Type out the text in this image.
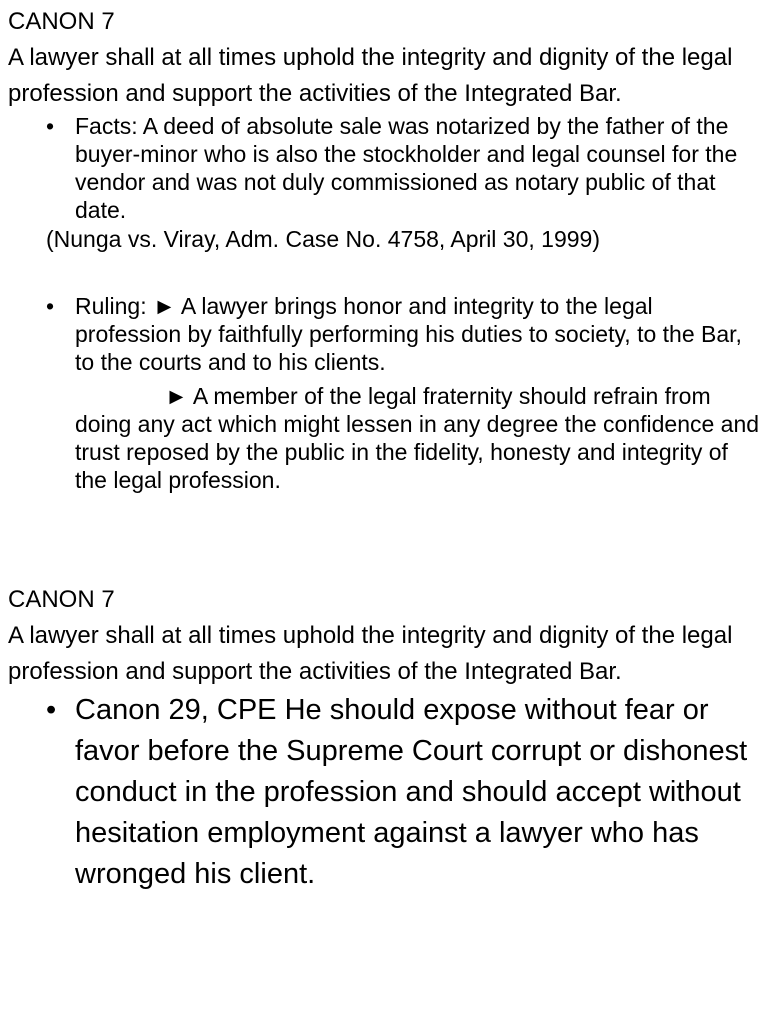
CANON 7
A lawyer shall at all times uphold the integrity and dignity of the legal profession and support the activities of the Integrated Bar.
• Facts: A deed of absolute sale was notarized by the father of the buyer-minor who is also the stockholder and legal counsel for the vendor and was not duly commissioned as notary public of that date.
(Nunga vs. Viray, Adm. Case No. 4758, April 30, 1999)
• Ruling: ► A lawyer brings honor and integrity to the legal profession by faithfully performing his duties to society, to the Bar, to the courts and to his clients.
► A member of the legal fraternity should refrain from doing any act which might lessen in any degree the confidence and trust reposed by the public in the fidelity, honesty and integrity of the legal profession.
CANON 7
A lawyer shall at all times uphold the integrity and dignity of the legal profession and support the activities of the Integrated Bar.
• Canon 29, CPE He should expose without fear or favor before the Supreme Court corrupt or dishonest conduct in the profession and should accept without hesitation employment against a lawyer who has wronged his client.
